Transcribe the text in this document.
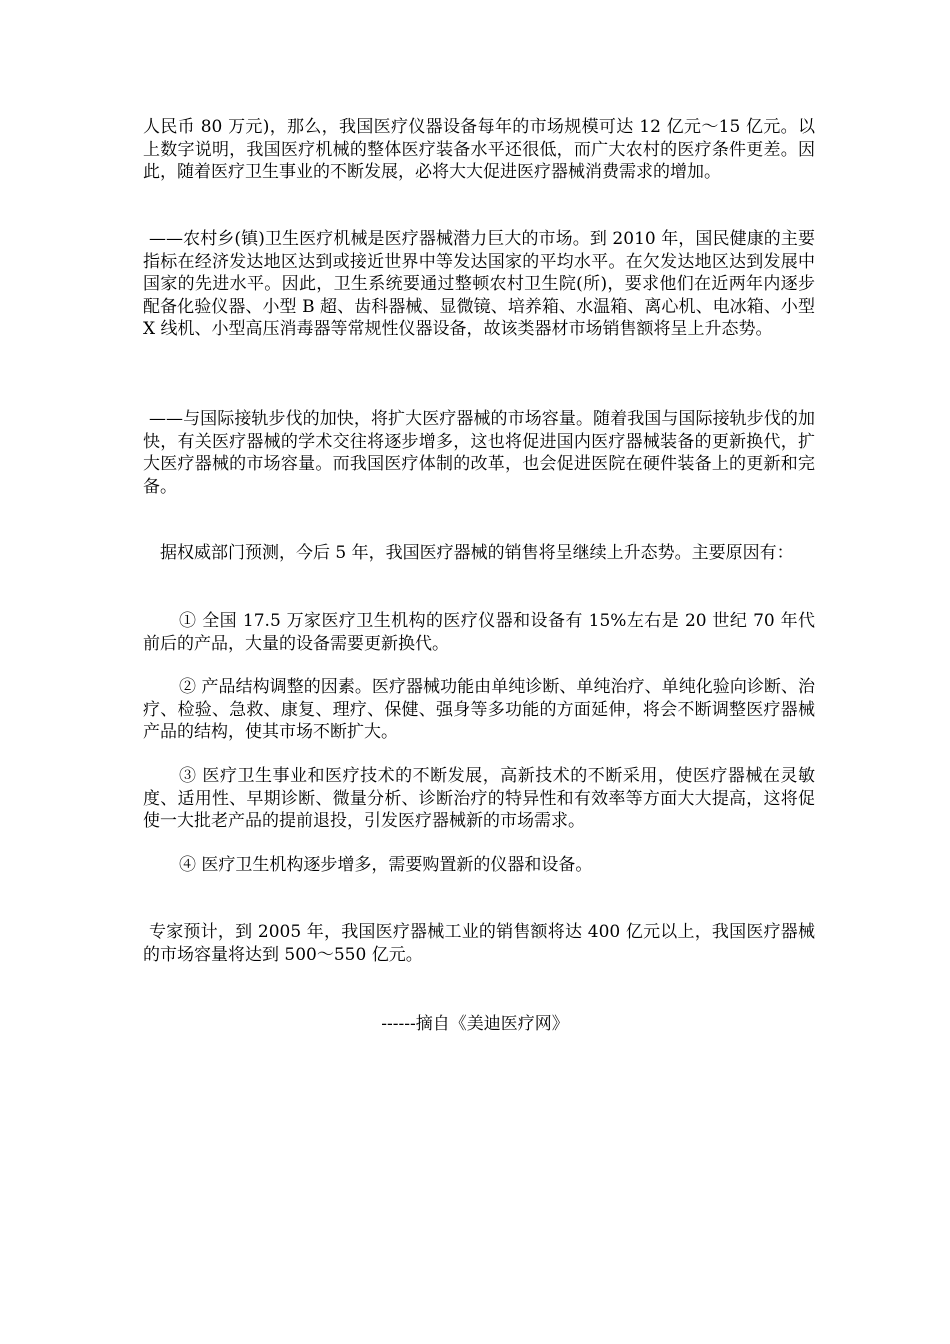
人民币 80 万元)，那么，我国医疗仪器设备每年的市场规模可达 12 亿元～15 亿元。以上数字说明，我国医疗机械的整体医疗装备水平还很低，而广大农村的医疗条件更差。因此，随着医疗卫生事业的不断发展，必将大大促进医疗器械消费需求的增加。

——农村乡(镇)卫生医疗机械是医疗器械潜力巨大的市场。到 2010 年，国民健康的主要指标在经济发达地区达到或接近世界中等发达国家的平均水平。在欠发达地区达到发展中国家的先进水平。因此，卫生系统要通过整顿农村卫生院(所)，要求他们在近两年内逐步配备化验仪器、小型 B 超、齿科器械、显微镜、培养箱、水温箱、离心机、电冰箱、小型 X 线机、小型高压消毒器等常规性仪器设备，故该类器材市场销售额将呈上升态势。

——与国际接轨步伐的加快，将扩大医疗器械的市场容量。随着我国与国际接轨步伐的加快，有关医疗器械的学术交往将逐步增多，这也将促进国内医疗器械装备的更新换代，扩大医疗器械的市场容量。而我国医疗体制的改革，也会促进医院在硬件装备上的更新和完备。

据权威部门预测，今后 5 年，我国医疗器械的销售将呈继续上升态势。主要原因有：

① 全国 17.5 万家医疗卫生机构的医疗仪器和设备有 15%左右是 20 世纪 70 年代前后的产品，大量的设备需要更新换代。

② 产品结构调整的因素。医疗器械功能由单纯诊断、单纯治疗、单纯化验向诊断、治疗、检验、急救、康复、理疗、保健、强身等多功能的方面延伸，将会不断调整医疗器械产品的结构，使其市场不断扩大。

③ 医疗卫生事业和医疗技术的不断发展，高新技术的不断采用，使医疗器械在灵敏度、适用性、早期诊断、微量分析、诊断治疗的特异性和有效率等方面大大提高，这将促使一大批老产品的提前退投，引发医疗器械新的市场需求。

④ 医疗卫生机构逐步增多，需要购置新的仪器和设备。

专家预计，到 2005 年，我国医疗器械工业的销售额将达 400 亿元以上，我国医疗器械的市场容量将达到 500～550 亿元。

------摘自《美迪医疗网》
